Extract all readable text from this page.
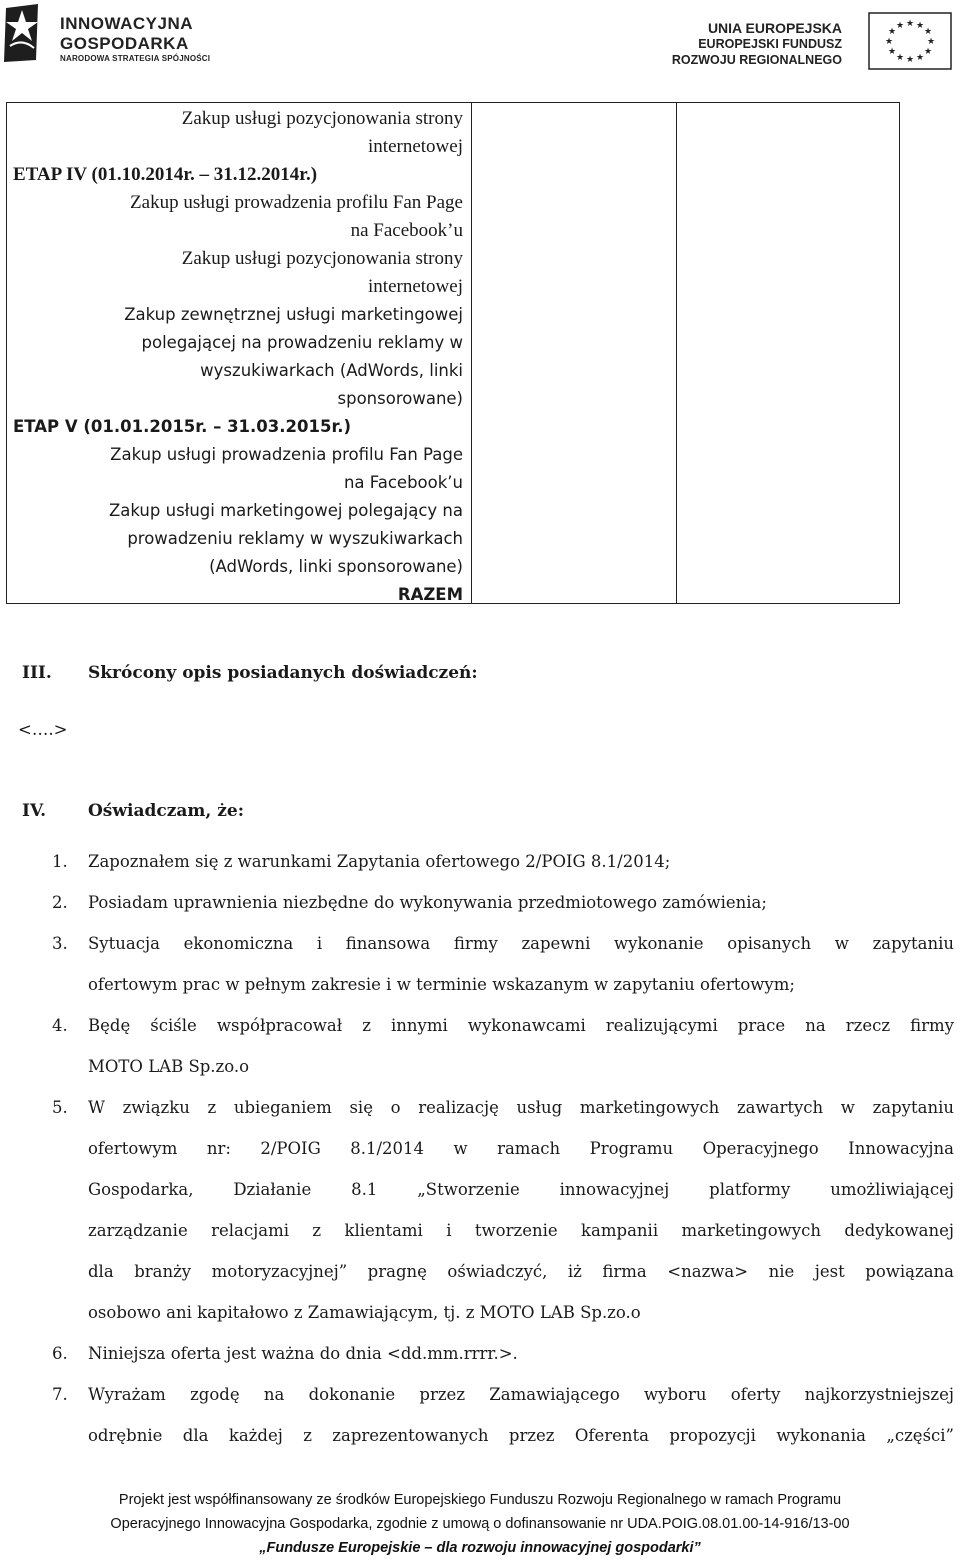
INNOWACYJNA
GOSPODARKA
NARODOWA STRATEGIA SPÓJNOŚCI
UNIA EUROPEJSKA
EUROPEJSKI FUNDUSZ
ROZWOJU REGIONALNEGO
★ ★
★
★
★
★
★
★
★
★
★
★
Zakup usługi pozycjonowania strony
internetowej
ETAP IV (01.10.2014r. – 31.12.2014r.)
Zakup usługi prowadzenia profilu Fan Page
na Facebook’u
Zakup usługi pozycjonowania strony
internetowej
Zakup zewnętrznej usługi marketingowej
polegającej na prowadzeniu reklamy w
wyszukiwarkach (AdWords, linki
sponsorowane)
ETAP V (01.01.2015r. – 31.03.2015r.)
Zakup usługi prowadzenia profilu Fan Page
na Facebook’u
Zakup usługi marketingowej polegający na
prowadzeniu reklamy w wyszukiwarkach
(AdWords, linki sponsorowane)
RAZEM
III. Skrócony opis posiadanych doświadczeń:
<….>
IV. Oświadczam, że:
1. Zapoznałem się z warunkami Zapytania ofertowego 2/POIG 8.1/2014;
2. Posiadam uprawnienia niezbędne do wykonywania przedmiotowego zamówienia;
3. Sytuacja ekonomiczna i finansowa firmy zapewni wykonanie opisanych w zapytaniu
ofertowym prac w pełnym zakresie i w terminie wskazanym w zapytaniu ofertowym;
4. Będę ściśle współpracował z innymi wykonawcami realizującymi prace na rzecz firmy
MOTO LAB Sp.zo.o
5. W związku z ubieganiem się o realizację usług marketingowych zawartych w zapytaniu
ofertowym nr: 2/POIG 8.1/2014 w ramach Programu Operacyjnego Innowacyjna
Gospodarka, Działanie 8.1 „Stworzenie innowacyjnej platformy umożliwiającej
zarządzanie relacjami z klientami i tworzenie kampanii marketingowych dedykowanej
dla branży motoryzacyjnej” pragnę oświadczyć, iż firma <nazwa> nie jest powiązana
osobowo ani kapitałowo z Zamawiającym, tj. z MOTO LAB Sp.zo.o
6. Niniejsza oferta jest ważna do dnia <dd.mm.rrrr.>.
7. Wyrażam zgodę na dokonanie przez Zamawiającego wyboru oferty najkorzystniejszej
odrębnie dla każdej z zaprezentowanych przez Oferenta propozycji wykonania „części”
Projekt jest współfinansowany ze środków Europejskiego Funduszu Rozwoju Regionalnego w ramach Programu
Operacyjnego Innowacyjna Gospodarka, zgodnie z umową o dofinansowanie nr UDA.POIG.08.01.00-14-916/13-00
„Fundusze Europejskie – dla rozwoju innowacyjnej gospodarki”
